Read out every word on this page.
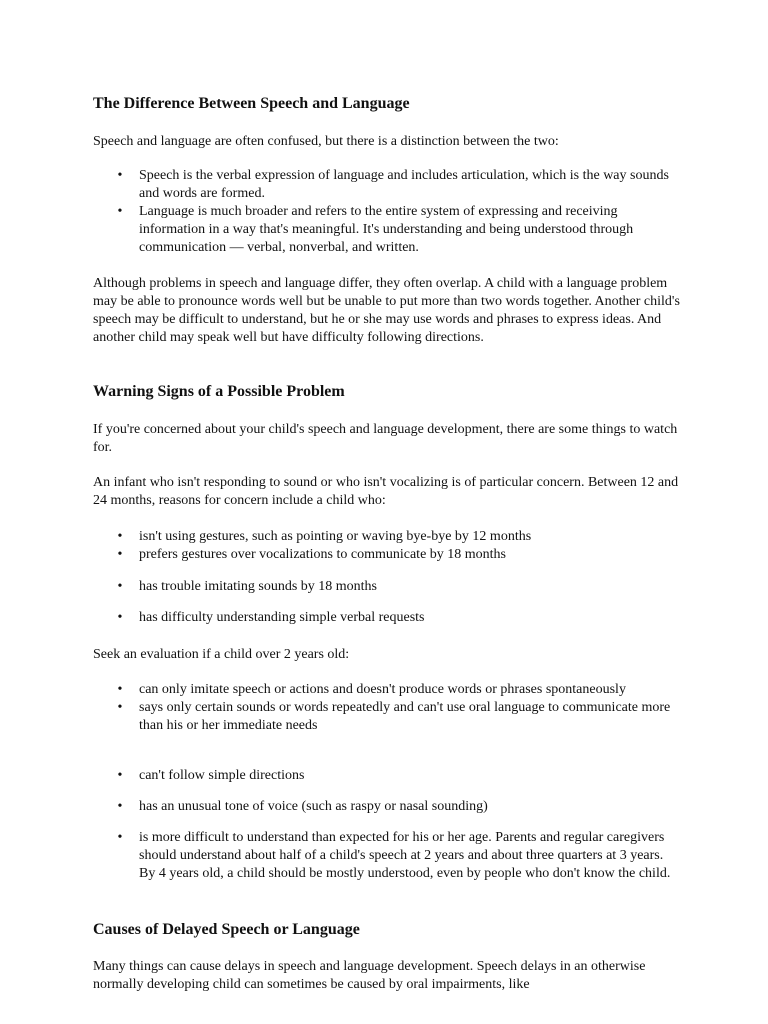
The Difference Between Speech and Language

Speech and language are often confused, but there is a distinction between the two:

• Speech is the verbal expression of language and includes articulation, which is the way sounds and words are formed.
• Language is much broader and refers to the entire system of expressing and receiving information in a way that's meaningful. It's understanding and being understood through communication — verbal, nonverbal, and written.

Although problems in speech and language differ, they often overlap. A child with a language problem may be able to pronounce words well but be unable to put more than two words together. Another child's speech may be difficult to understand, but he or she may use words and phrases to express ideas. And another child may speak well but have difficulty following directions.

Warning Signs of a Possible Problem

If you're concerned about your child's speech and language development, there are some things to watch for.

An infant who isn't responding to sound or who isn't vocalizing is of particular concern. Between 12 and 24 months, reasons for concern include a child who:

• isn't using gestures, such as pointing or waving bye-bye by 12 months
• prefers gestures over vocalizations to communicate by 18 months
• has trouble imitating sounds by 18 months
• has difficulty understanding simple verbal requests

Seek an evaluation if a child over 2 years old:

• can only imitate speech or actions and doesn't produce words or phrases spontaneously
• says only certain sounds or words repeatedly and can't use oral language to communicate more than his or her immediate needs
• can't follow simple directions
• has an unusual tone of voice (such as raspy or nasal sounding)
• is more difficult to understand than expected for his or her age. Parents and regular caregivers should understand about half of a child's speech at 2 years and about three quarters at 3 years. By 4 years old, a child should be mostly understood, even by people who don't know the child.
Causes of Delayed Speech or Language

Many things can cause delays in speech and language development. Speech delays in an otherwise normally developing child can sometimes be caused by oral impairments, like
